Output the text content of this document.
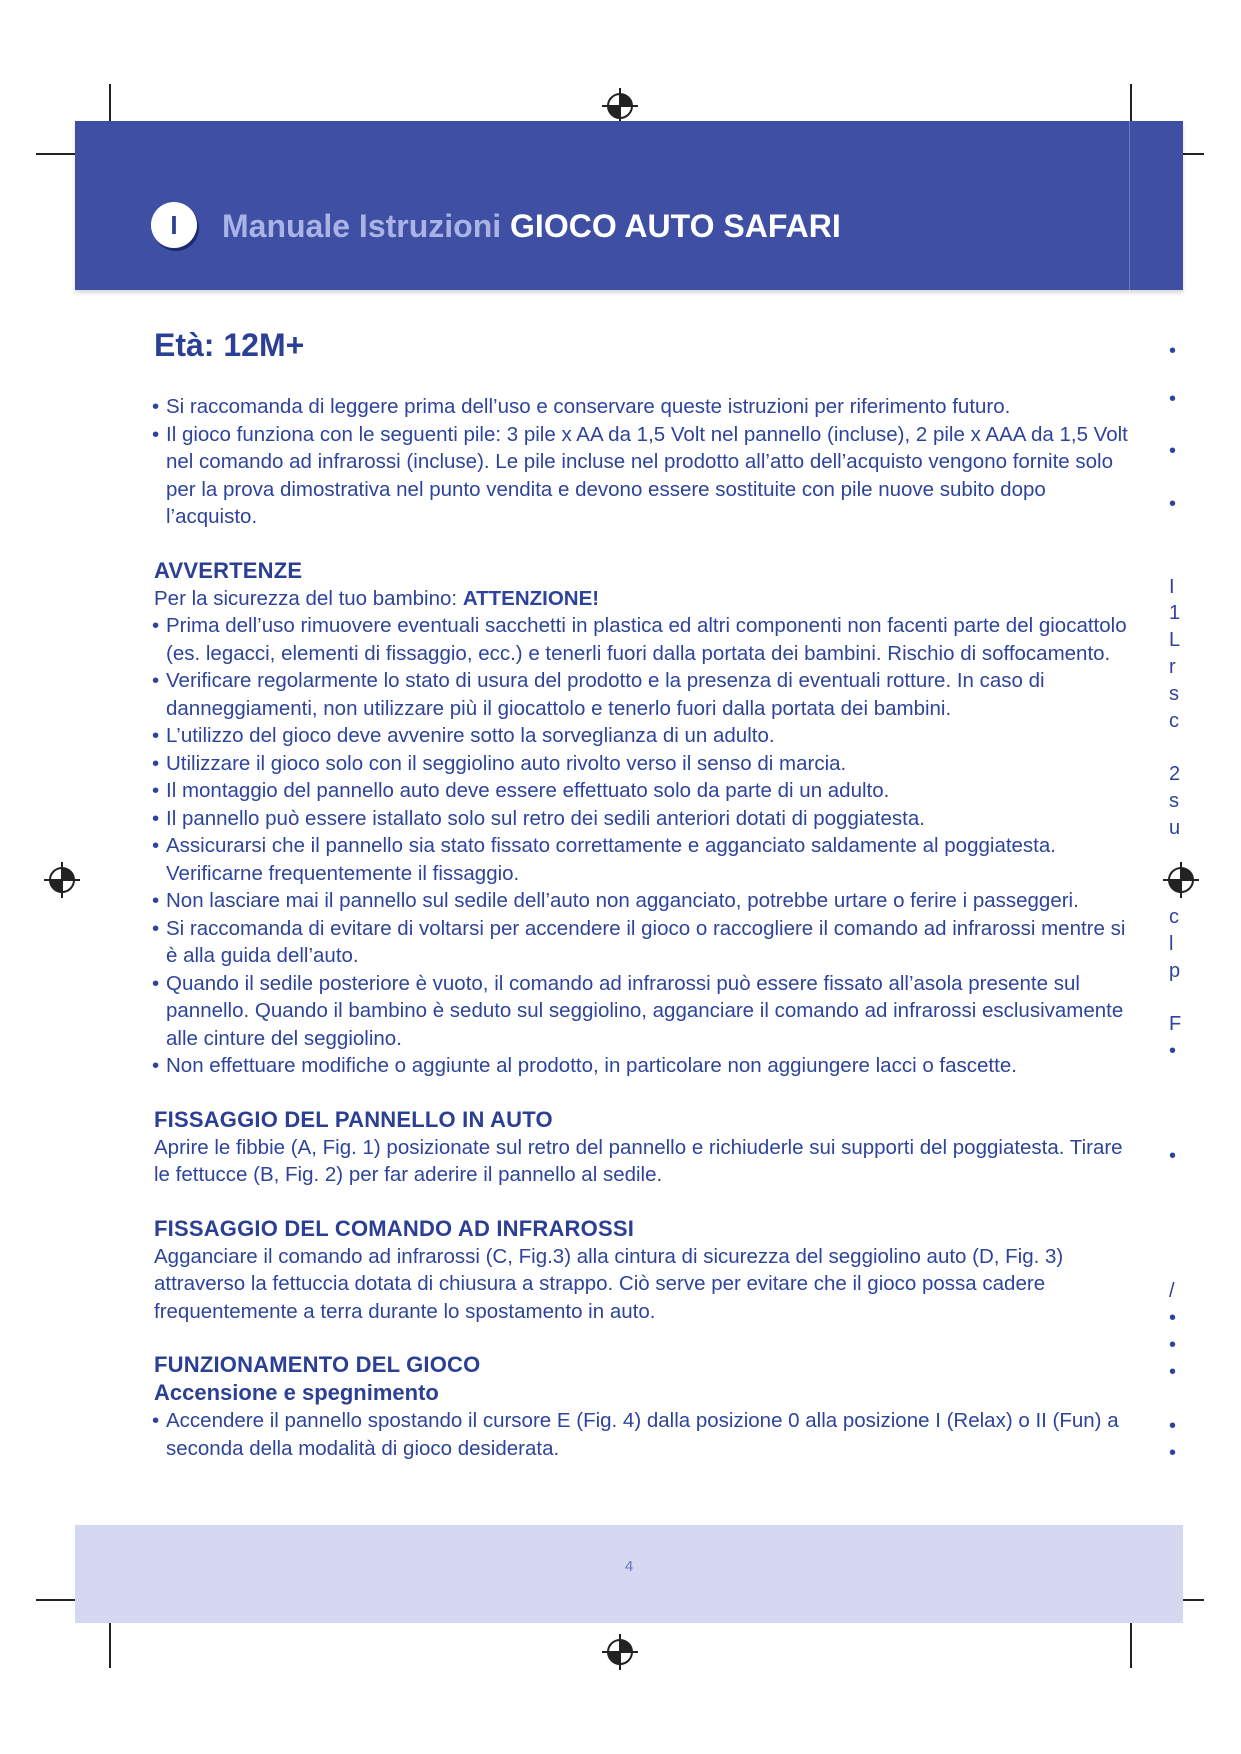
I	Manuale Istruzioni GIOCO AUTO SAFARI
Età: 12M+
• Si raccomanda di leggere prima dell’uso e conservare queste istruzioni per riferimento futuro.
• Il gioco funziona con le seguenti pile: 3 pile x AA da 1,5 Volt nel pannello (incluse), 2 pile x AAA da 1,5 Volt nel comando ad infrarossi (incluse). Le pile incluse nel prodotto all’atto dell’acquisto vengono fornite solo per la prova dimostrativa nel punto vendita e devono essere sostituite con pile nuove subito dopo l’acquisto.
AVVERTENZE

Per la sicurezza del tuo bambino: ATTENZIONE!

• Prima dell’uso rimuovere eventuali sacchetti in plastica ed altri componenti non facenti parte del giocattolo (es. legacci, elementi di fissaggio, ecc.) e tenerli fuori dalla portata dei bambini. Rischio di soffocamento.
• Verificare regolarmente lo stato di usura del prodotto e la presenza di eventuali rotture. In caso di danneggiamenti, non utilizzare più il giocattolo e tenerlo fuori dalla portata dei bambini.
• L’utilizzo del gioco deve avvenire sotto la sorveglianza di un adulto.
• Utilizzare il gioco solo con il seggiolino auto rivolto verso il senso di marcia.
• Il montaggio del pannello auto deve essere effettuato solo da parte di un adulto.
• Il pannello può essere istallato solo sul retro dei sedili anteriori dotati di poggiatesta.
• Assicurarsi che il pannello sia stato fissato correttamente e agganciato saldamente al poggiatesta. Verificarne frequentemente il fissaggio.
• Non lasciare mai il pannello sul sedile dell’auto non agganciato, potrebbe urtare o ferire i passeggeri.
• Si raccomanda di evitare di voltarsi per accendere il gioco o raccogliere il comando ad infrarossi mentre si è alla guida dell’auto.
• Quando il sedile posteriore è vuoto, il comando ad infrarossi può essere fissato all’asola presente sul pannello. Quando il bambino è seduto sul seggiolino, agganciare il comando ad infrarossi esclusivamente alle cinture del seggiolino.
• Non effettuare modifiche o aggiunte al prodotto, in particolare non aggiungere lacci o fascette.
FISSAGGIO DEL PANNELLO IN AUTO

Aprire le fibbie (A, Fig. 1) posizionate sul retro del pannello e richiuderle sui supporti del poggiatesta. Tirare le fettucce (B, Fig. 2) per far aderire il pannello al sedile.

FISSAGGIO DEL COMANDO AD INFRAROSSI

Agganciare il comando ad infrarossi (C, Fig.3) alla cintura di sicurezza del seggiolino auto (D, Fig. 3) attraverso la fettuccia dotata di chiusura a strappo. Ciò serve per evitare che il gioco possa cadere frequentemente a terra durante lo spostamento in auto.

FUNZIONAMENTO DEL GIOCO
Accensione e spegnimento
• Accendere il pannello spostando il cursore E (Fig. 4) dalla posizione 0 alla posizione I (Relax) o II (Fun) a seconda della modalità di gioco desiderata.
•
•
•
•
I
1
L
r
s
c
2
s
u
c
l
p
F
•
•
/
•
•
•
•
•
4
